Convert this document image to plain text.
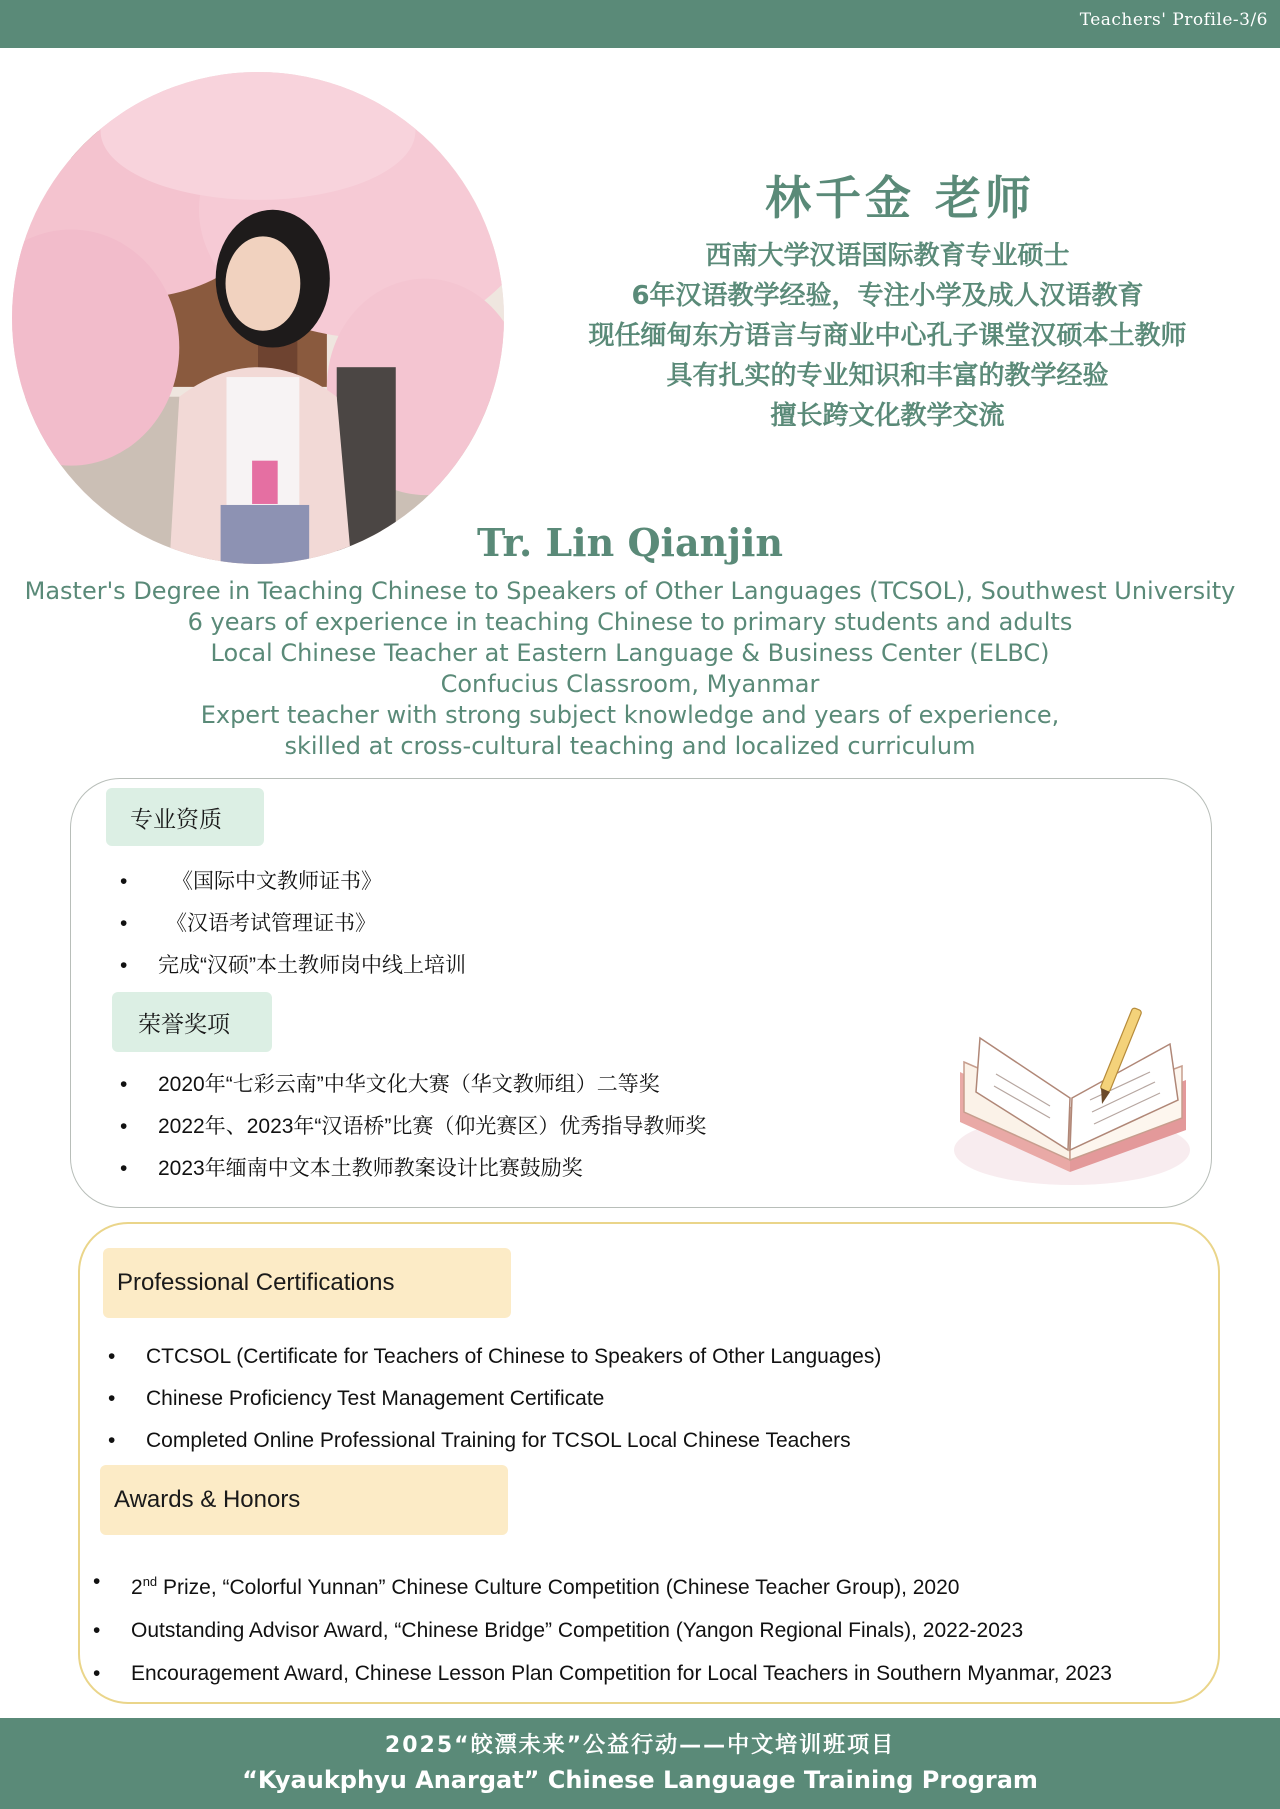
Teachers' Profile-3/6
林千金 老师
西南大学汉语国际教育专业硕士
6年汉语教学经验，专注小学及成人汉语教育
现任缅甸东方语言与商业中心孔子课堂汉硕本土教师
具有扎实的专业知识和丰富的教学经验
擅长跨文化教学交流
Tr. Lin Qianjin
Master's Degree in Teaching Chinese to Speakers of Other Languages (TCSOL), Southwest University
6 years of experience in teaching Chinese to primary students and adults
Local Chinese Teacher at Eastern Language & Business Center (ELBC)
Confucius Classroom, Myanmar
Expert teacher with strong subject knowledge and years of experience,
skilled at cross-cultural teaching and localized curriculum
专业资质
• 《国际中文教师证书》
• 《汉语考试管理证书》
• 完成“汉硕”本土教师岗中线上培训
荣誉奖项
• 2020年“七彩云南”中华文化大赛（华文教师组）二等奖
• 2022年、2023年“汉语桥”比赛（仰光赛区）优秀指导教师奖
• 2023年缅南中文本土教师教案设计比赛鼓励奖
Professional Certifications
• CTCSOL (Certificate for Teachers of Chinese to Speakers of Other Languages)
• Chinese Proficiency Test Management Certificate
• Completed Online Professional Training for TCSOL Local Chinese Teachers
Awards & Honors
• 2nd Prize, “Colorful Yunnan” Chinese Culture Competition (Chinese Teacher Group), 2020
• Outstanding Advisor Award, “Chinese Bridge” Competition (Yangon Regional Finals), 2022-2023
• Encouragement Award, Chinese Lesson Plan Competition for Local Teachers in Southern Myanmar, 2023
2025“皎漂未来”公益行动——中文培训班项目
“Kyaukphyu Anargat” Chinese Language Training Program
